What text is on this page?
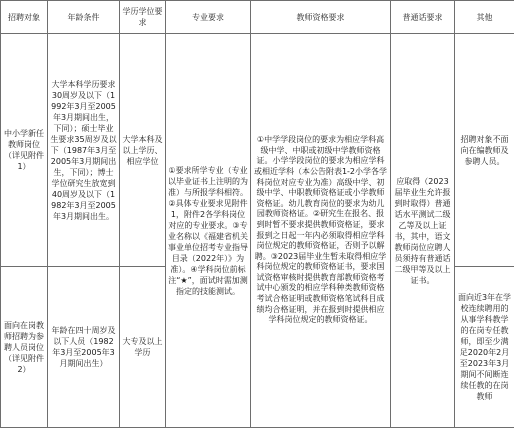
招聘对象	年龄条件	学历学位要求	专业要求	教师资格要求	普通话要求	其他
中小学新任教师岗位（详见附件1）	大学本科学历要求30周岁及以下（1992年3月至2005年3月期间出生，下同）；硕士毕业生要求35周岁及以下（1987年3月至2005年3月期间出生，下同）；博士学位研究生放宽到40周岁及以下（1982年3月至2005年3月期间出生。	大学本科及以上学历、相应学位	①要求所学专业（专业以毕业证书上注明的为准）与所报学科相符。②具体专业要求见附件1，附件2各学科岗位对应的专业要求。③专业名称以《福建省机关事业单位招考专业指导目录（2022年）》为准）。④学科岗位前标注“★”，面试时需加测指定的技能测试。	①中学学段岗位的要求为相应学科高级中学、中职或初级中学教师资格证。小学学段岗位的要求为相应学科或相近学科（本公告附表1-2小学各学科岗位对应专业为准）高级中学、初级中学、中职教师资格证或小学教师资格证。幼儿教育岗位的要求为幼儿园教师资格证。②研究生在报名、报到时暂不要求提供教师资格证，要求报到之日起一年内必须取得相应学科岗位规定的教师资格证，否则予以解聘。③2023届毕业生暂未取得相应学科岗位规定的教师资格证书，要求国试资格审核时提供教育部教师资格考试中心颁发的相应学科种类教师资格考试合格证明或教师资格笔试科目成绩均合格证明，并在报到时提供相应学科岗位规定的教师资格证。	应取得（2023届毕业生允许报到时取得）普通话水平测试二级乙等及以上证书，其中，语文教师岗位应聘人员须持有普通话二级甲等及以上证书。	招聘对象不面向在编教师及参聘人员。
面向在岗教师招聘为参聘人员岗位（详见附件2）	年龄在四十周岁及以下人员（1982年3月至2005年3月期间出生）	大专及以上学历				面向近3年在学校连续聘用的从事学科教学的在岗专任教师，即至少满足2020年2月至2023年3月期间不间断连续任教的在岗教师
